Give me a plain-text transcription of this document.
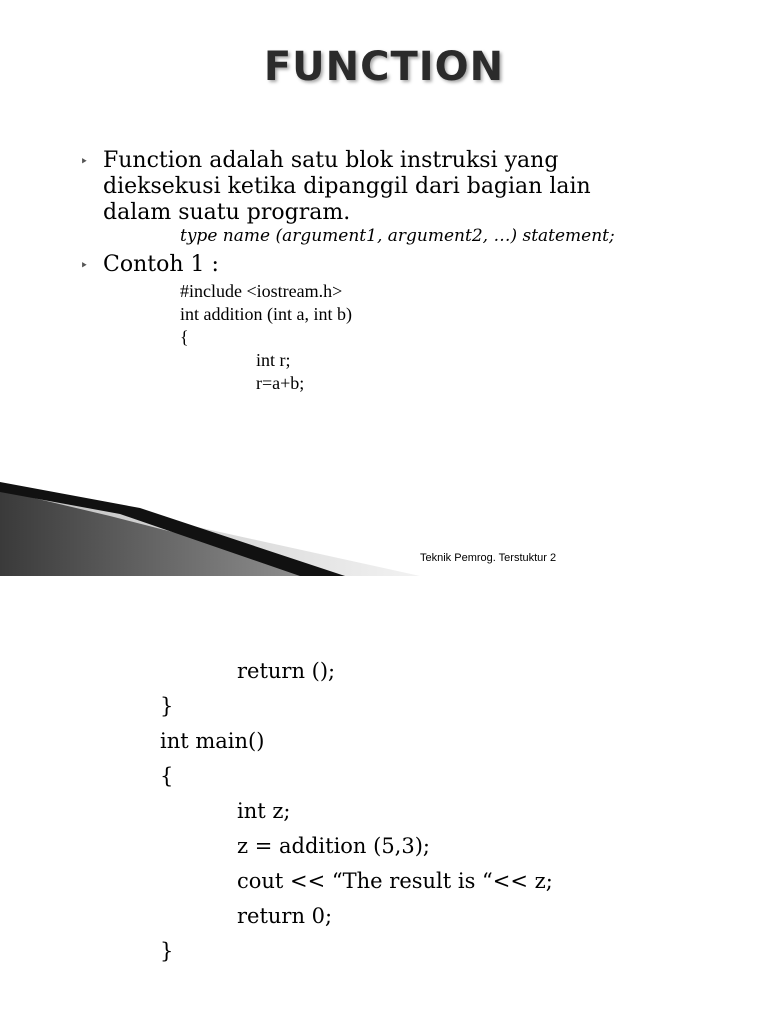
FUNCTION
‣ Function adalah satu blok instruksi yang
dieksekusi ketika dipanggil dari bagian lain
dalam suatu program.
type name (argument1, argument2, …) statement;
‣ Contoh 1 :
#include <iostream.h>
int addition (int a, int b)
{
int r;
r=a+b;
Teknik Pemrog. Terstuktur 2
return ();
}
int main()
{
int z;
z = addition (5,3);
cout << “The result is “<< z;
return 0;
}
